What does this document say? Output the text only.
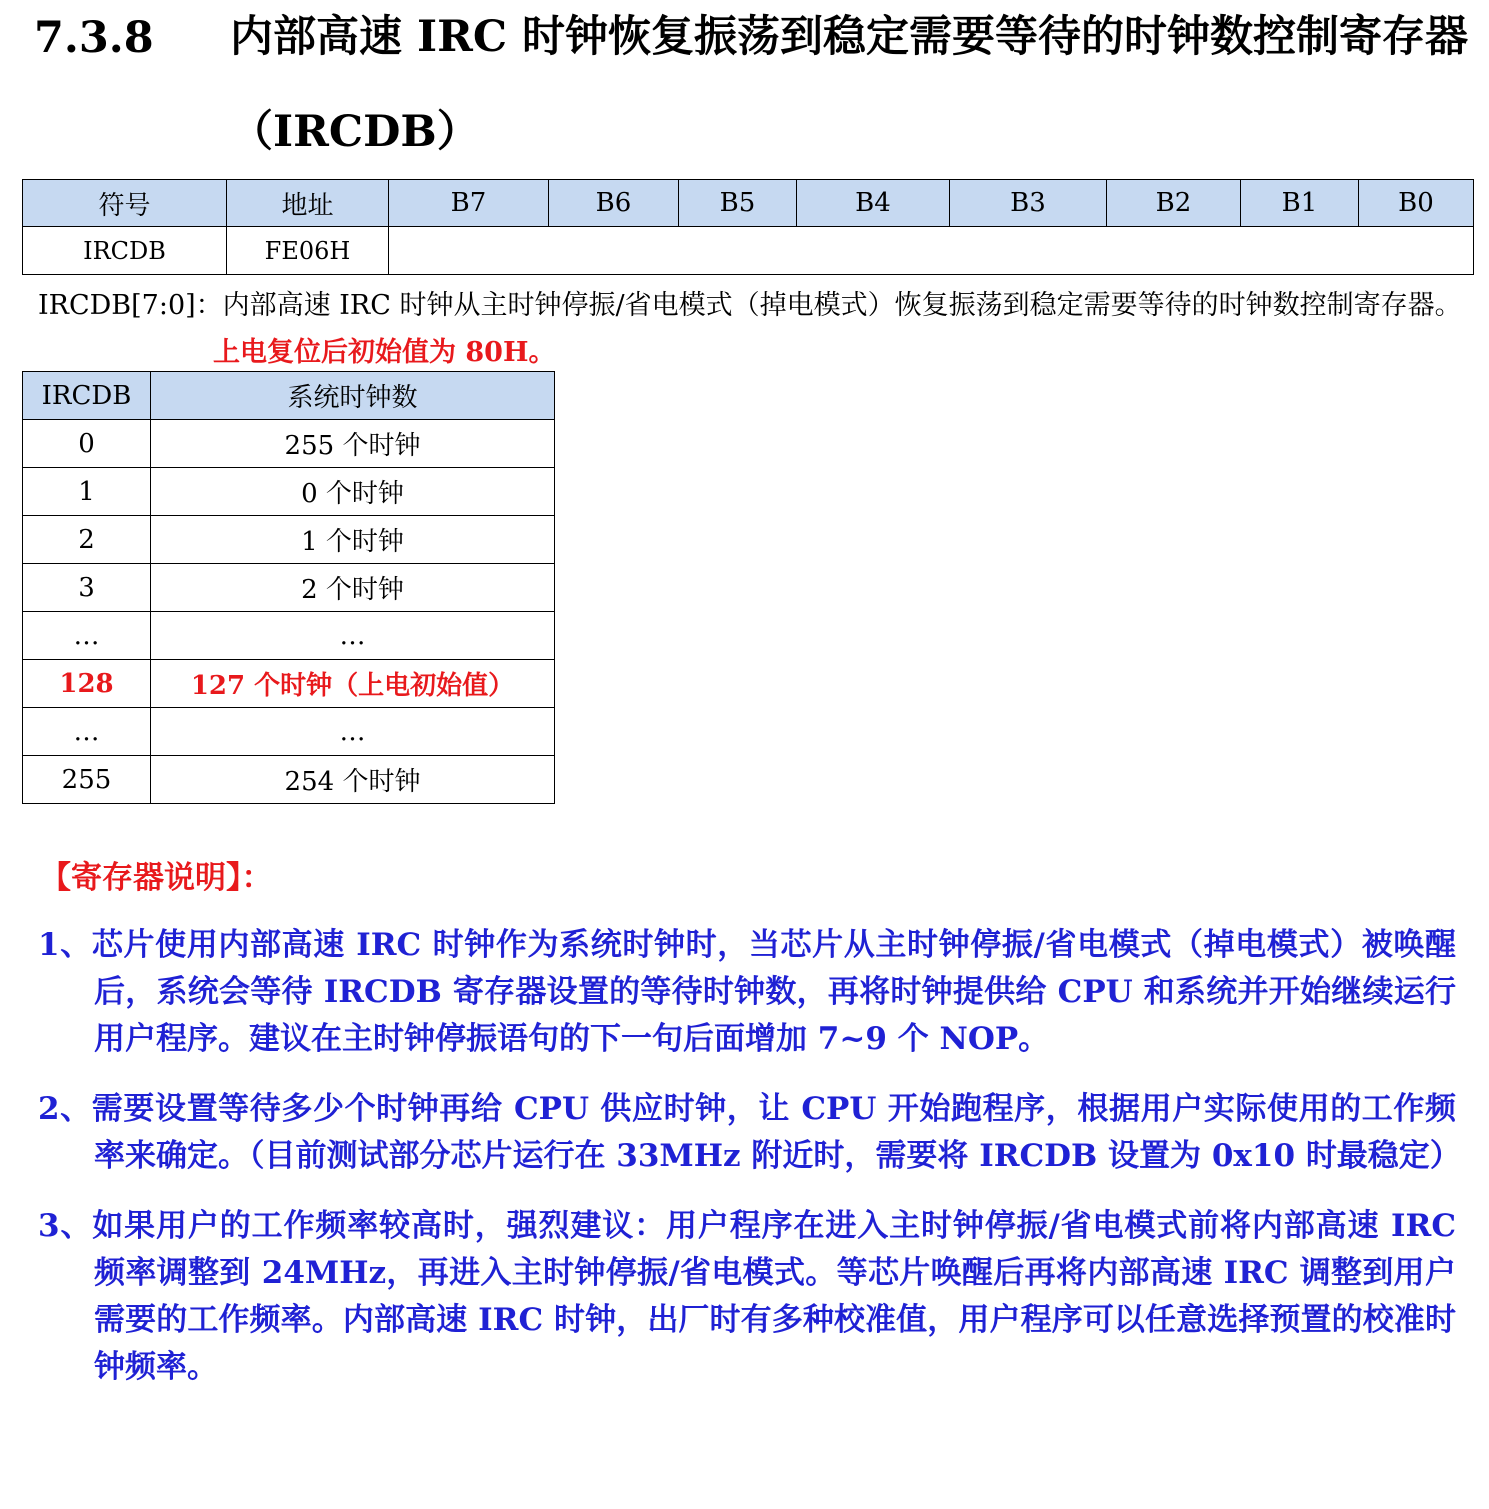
7.3.8 内部高速 IRC 时钟恢复振荡到稳定需要等待的时钟数控制寄存器（IRCDB）
符号	地址	B7	B6	B5	B4	B3	B2	B1	B0
IRCDB	FE06H								
IRCDB[7:0]：内部高速 IRC 时钟从主时钟停振/省电模式（掉电模式）恢复振荡到稳定需要等待的时钟数控制寄存器。上电复位后初始值为 80H。
IRCDB	系统时钟数
0	255 个时钟
1	0 个时钟
2	1 个时钟
3	2 个时钟
…	…
128	127 个时钟（上电初始值）
…	…
255	254 个时钟
【寄存器说明】：
1、芯片使用内部高速 IRC 时钟作为系统时钟时，当芯片从主时钟停振/省电模式（掉电模式）被唤醒后，系统会等待 IRCDB 寄存器设置的等待时钟数，再将时钟提供给 CPU 和系统并开始继续运行用户程序。建议在主时钟停振语句的下一句后面增加 7~9 个 NOP。
2、需要设置等待多少个时钟再给 CPU 供应时钟，让 CPU 开始跑程序，根据用户实际使用的工作频率来确定。（目前测试部分芯片运行在 33MHz 附近时，需要将 IRCDB 设置为 0x10 时最稳定）
3、如果用户的工作频率较高时，强烈建议：用户程序在进入主时钟停振/省电模式前将内部高速 IRC 频率调整到 24MHz，再进入主时钟停振/省电模式。等芯片唤醒后再将内部高速 IRC 调整到用户需要的工作频率。内部高速 IRC 时钟，出厂时有多种校准值，用户程序可以任意选择预置的校准时钟频率。
